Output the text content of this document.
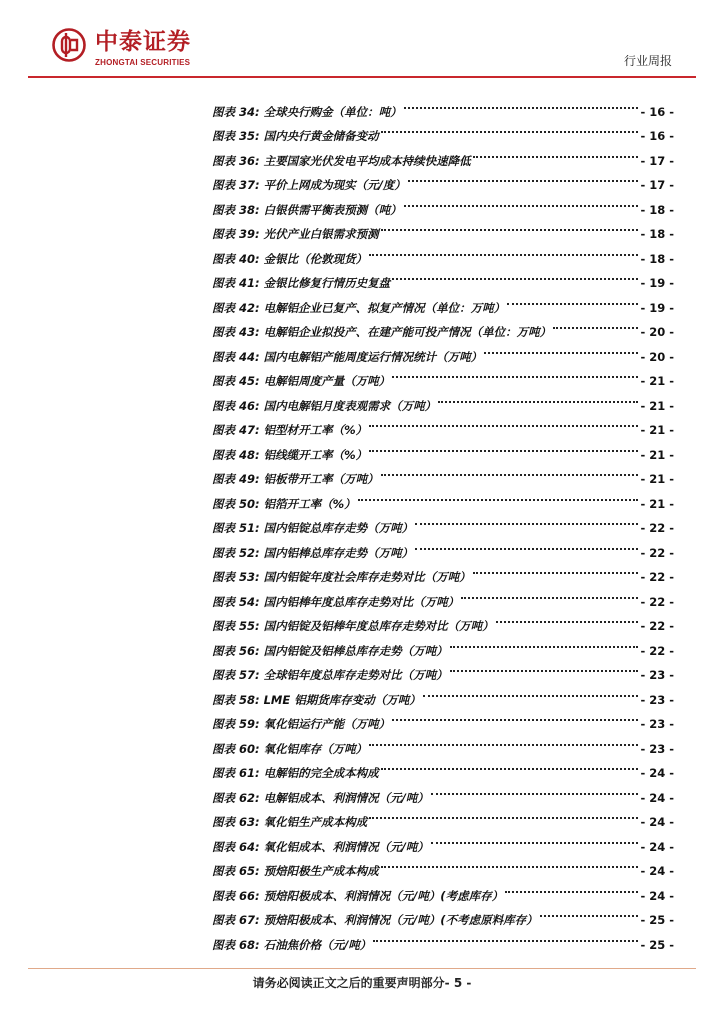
中泰证券
ZHONGTAI SECURITIES	行业周报
图表 34: 全球央行购金（单位：吨）	- 16 -
图表 35: 国内央行黄金储备变动	- 16 -
图表 36: 主要国家光伏发电平均成本持续快速降低	- 17 -
图表 37: 平价上网成为现实（元/度）	- 17 -
图表 38: 白银供需平衡表预测（吨）	- 18 -
图表 39: 光伏产业白银需求预测	- 18 -
图表 40: 金银比（伦敦现货）	- 18 -
图表 41: 金银比修复行情历史复盘	- 19 -
图表 42: 电解铝企业已复产、拟复产情况（单位：万吨）	- 19 -
图表 43: 电解铝企业拟投产、在建产能可投产情况（单位：万吨）	- 20 -
图表 44: 国内电解铝产能周度运行情况统计（万吨）	- 20 -
图表 45: 电解铝周度产量（万吨）	- 21 -
图表 46: 国内电解铝月度表观需求（万吨）	- 21 -
图表 47: 铝型材开工率（%）	- 21 -
图表 48: 铝线缆开工率（%）	- 21 -
图表 49: 铝板带开工率（万吨）	- 21 -
图表 50: 铝箔开工率（%）	- 21 -
图表 51: 国内铝锭总库存走势（万吨）	- 22 -
图表 52: 国内铝棒总库存走势（万吨）	- 22 -
图表 53: 国内铝锭年度社会库存走势对比（万吨）	- 22 -
图表 54: 国内铝棒年度总库存走势对比（万吨）	- 22 -
图表 55: 国内铝锭及铝棒年度总库存走势对比（万吨）	- 22 -
图表 56: 国内铝锭及铝棒总库存走势（万吨）	- 22 -
图表 57: 全球铝年度总库存走势对比（万吨）	- 23 -
图表 58: LME 铝期货库存变动（万吨）	- 23 -
图表 59: 氧化铝运行产能（万吨）	- 23 -
图表 60: 氧化铝库存（万吨）	- 23 -
图表 61: 电解铝的完全成本构成	- 24 -
图表 62: 电解铝成本、利润情况（元/吨）	- 24 -
图表 63: 氧化铝生产成本构成	- 24 -
图表 64: 氧化铝成本、利润情况（元/吨）	- 24 -
图表 65: 预焙阳极生产成本构成	- 24 -
图表 66: 预焙阳极成本、利润情况（元/吨）(考虑库存）	- 24 -
图表 67: 预焙阳极成本、利润情况（元/吨）(不考虑原料库存）	- 25 -
图表 68: 石油焦价格（元/吨）	- 25 -
请务必阅读正文之后的重要声明部分- 5 -
